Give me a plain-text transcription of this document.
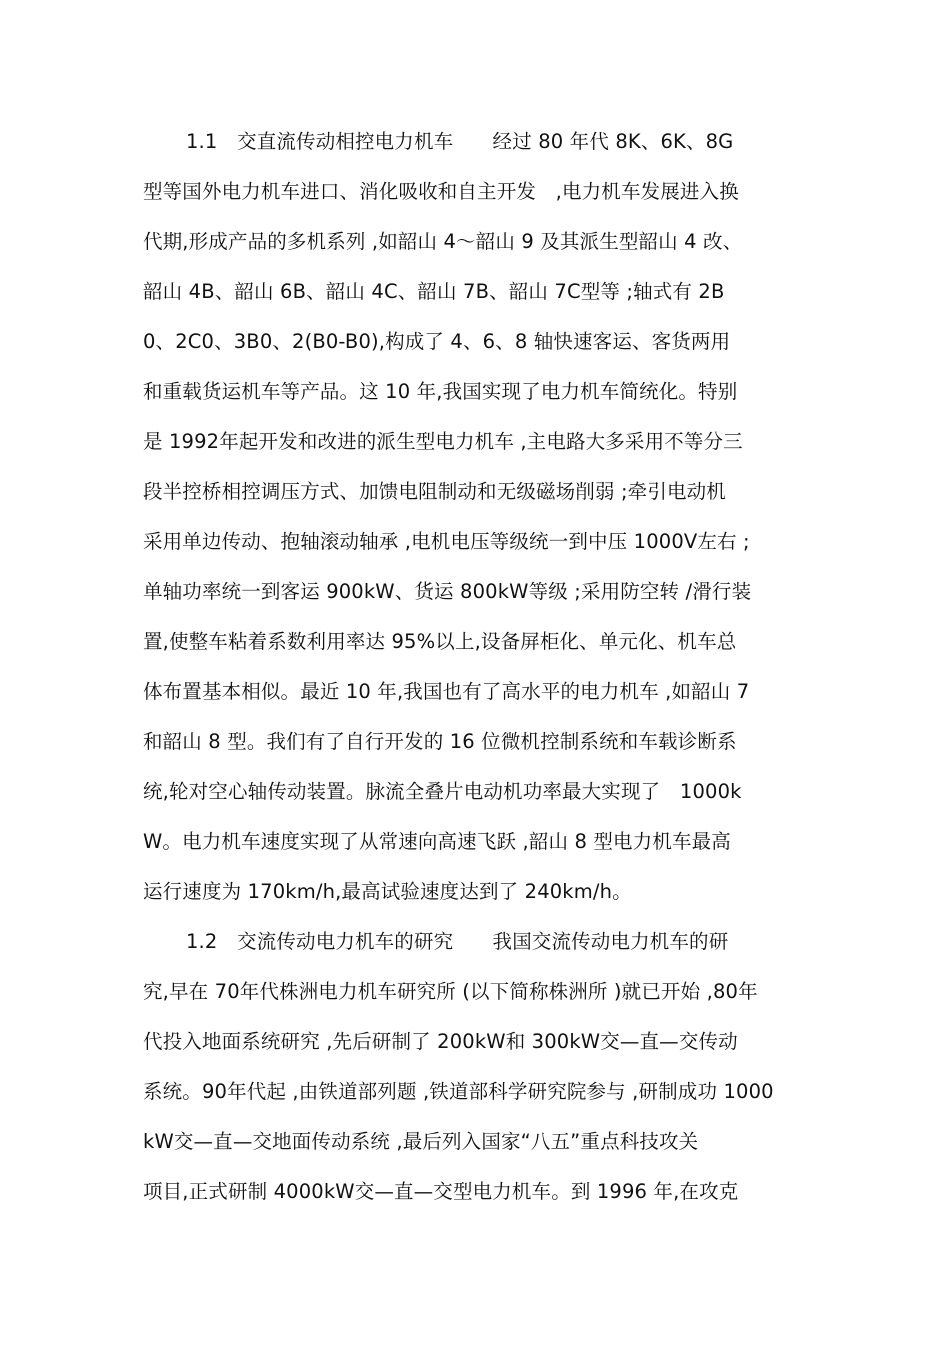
1.1　交直流传动相控电力机车　　经过 80 年代 8K、6K、8G
型等国外电力机车进口、消化吸收和自主开发　,电力机车发展进入换
代期,形成产品的多机系列 ,如韶山 4～韶山 9 及其派生型韶山 4 改、
韶山 4B、韶山 6B、韶山 4C、韶山 7B、韶山 7C型等 ;轴式有 2B
0、2C0、3B0、2(B0-B0),构成了 4、6、8 轴快速客运、客货两用
和重载货运机车等产品。这 10 年,我国实现了电力机车简统化。特别
是 1992年起开发和改进的派生型电力机车 ,主电路大多采用不等分三
段半控桥相控调压方式、加馈电阻制动和无级磁场削弱 ;牵引电动机
采用单边传动、抱轴滚动轴承 ,电机电压等级统一到中压 1000V左右 ;
单轴功率统一到客运 900kW、货运 800kW等级 ;采用防空转 /滑行装
置,使整车粘着系数利用率达 95%以上,设备屏柜化、单元化、机车总
体布置基本相似。最近 10 年,我国也有了高水平的电力机车 ,如韶山 7
和韶山 8 型。我们有了自行开发的 16 位微机控制系统和车载诊断系
统,轮对空心轴传动装置。脉流全叠片电动机功率最大实现了　1000k
W。电力机车速度实现了从常速向高速飞跃 ,韶山 8 型电力机车最高
运行速度为 170km/h,最高试验速度达到了 240km/h。
1.2　交流传动电力机车的研究　　我国交流传动电力机车的研
究,早在 70年代株洲电力机车研究所 (以下简称株洲所 )就已开始 ,80年
代投入地面系统研究 ,先后研制了 200kW和 300kW交—直—交传动
系统。90年代起 ,由铁道部列题 ,铁道部科学研究院参与 ,研制成功 1000
kW交—直—交地面传动系统 ,最后列入国家“八五”重点科技攻关
项目,正式研制 4000kW交—直—交型电力机车。到 1996 年,在攻克
